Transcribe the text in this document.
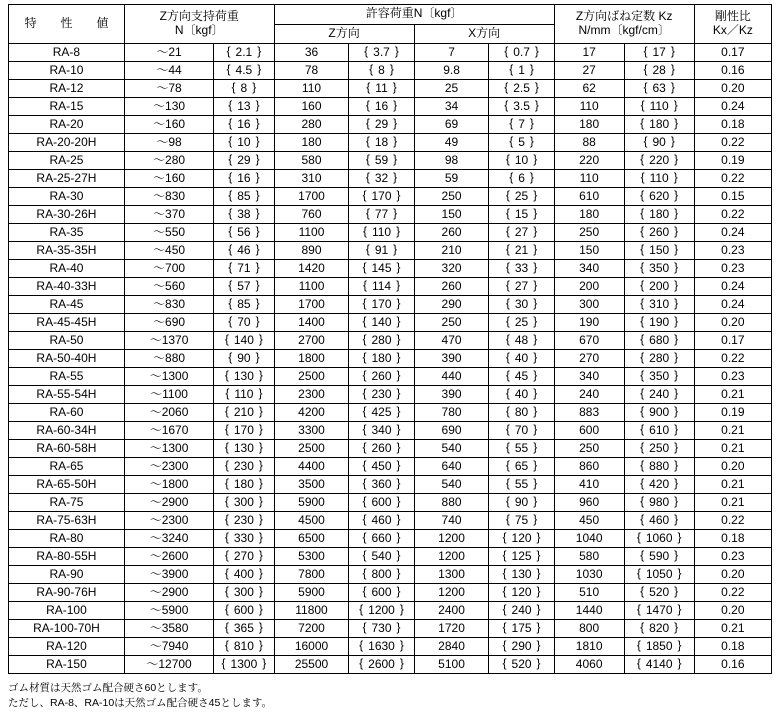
特　性　値	Z方向支持荷重
N〔kgf〕		許容荷重N〔kgf〕				Z方向ばね定数 Kz
N/mm〔kgf/cm〕		剛性比
Kx／Kz

			Z方向		X方向				
RA-8	〜21	{ 2.1 }	36	{ 3.7 }	7	{ 0.7 }	17	{ 17 }	0.17
RA-10	〜44	{ 4.5 }	78	{ 8 }	9.8	{ 1 }	27	{ 28 }	0.16
RA-12	〜78	{ 8 }	110	{ 11 }	25	{ 2.5 }	62	{ 63 }	0.20
RA-15	〜130	{ 13 }	160	{ 16 }	34	{ 3.5 }	110	{ 110 }	0.24
RA-20	〜160	{ 16 }	280	{ 29 }	69	{ 7 }	180	{ 180 }	0.18
RA-20-20H	〜98	{ 10 }	180	{ 18 }	49	{ 5 }	88	{ 90 }	0.22
RA-25	〜280	{ 29 }	580	{ 59 }	98	{ 10 }	220	{ 220 }	0.19
RA-25-27H	〜160	{ 16 }	310	{ 32 }	59	{ 6 }	110	{ 110 }	0.22
RA-30	〜830	{ 85 }	1700	{ 170 }	250	{ 25 }	610	{ 620 }	0.15
RA-30-26H	〜370	{ 38 }	760	{ 77 }	150	{ 15 }	180	{ 180 }	0.22
RA-35	〜550	{ 56 }	1100	{ 110 }	260	{ 27 }	250	{ 260 }	0.24
RA-35-35H	〜450	{ 46 }	890	{ 91 }	210	{ 21 }	150	{ 150 }	0.23
RA-40	〜700	{ 71 }	1420	{ 145 }	320	{ 33 }	340	{ 350 }	0.23
RA-40-33H	〜560	{ 57 }	1100	{ 114 }	260	{ 27 }	200	{ 200 }	0.24
RA-45	〜830	{ 85 }	1700	{ 170 }	290	{ 30 }	300	{ 310 }	0.24
RA-45-45H	〜690	{ 70 }	1400	{ 140 }	250	{ 25 }	190	{ 190 }	0.20
RA-50	〜1370	{ 140 }	2700	{ 280 }	470	{ 48 }	670	{ 680 }	0.17
RA-50-40H	〜880	{ 90 }	1800	{ 180 }	390	{ 40 }	270	{ 280 }	0.22
RA-55	〜1300	{ 130 }	2500	{ 260 }	440	{ 45 }	340	{ 350 }	0.23
RA-55-54H	〜1100	{ 110 }	2300	{ 230 }	390	{ 40 }	240	{ 240 }	0.21
RA-60	〜2060	{ 210 }	4200	{ 425 }	780	{ 80 }	883	{ 900 }	0.19
RA-60-34H	〜1670	{ 170 }	3300	{ 340 }	690	{ 70 }	600	{ 610 }	0.21
RA-60-58H	〜1300	{ 130 }	2500	{ 260 }	540	{ 55 }	250	{ 250 }	0.21
RA-65	〜2300	{ 230 }	4400	{ 450 }	640	{ 65 }	860	{ 880 }	0.20
RA-65-50H	〜1800	{ 180 }	3500	{ 360 }	540	{ 55 }	410	{ 420 }	0.21
RA-75	〜2900	{ 300 }	5900	{ 600 }	880	{ 90 }	960	{ 980 }	0.21
RA-75-63H	〜2300	{ 230 }	4500	{ 460 }	740	{ 75 }	450	{ 460 }	0.22
RA-80	〜3240	{ 330 }	6500	{ 660 }	1200	{ 120 }	1040	{ 1060 }	0.18
RA-80-55H	〜2600	{ 270 }	5300	{ 540 }	1200	{ 125 }	580	{ 590 }	0.23
RA-90	〜3900	{ 400 }	7800	{ 800 }	1300	{ 130 }	1030	{ 1050 }	0.20
RA-90-76H	〜2900	{ 300 }	5900	{ 600 }	1200	{ 120 }	510	{ 520 }	0.22
RA-100	〜5900	{ 600 }	11800	{ 1200 }	2400	{ 240 }	1440	{ 1470 }	0.20
RA-100-70H	〜3580	{ 365 }	7200	{ 730 }	1720	{ 175 }	800	{ 820 }	0.21
RA-120	〜7940	{ 810 }	16000	{ 1630 }	2840	{ 290 }	1810	{ 1850 }	0.18
RA-150	〜12700	{ 1300 }	25500	{ 2600 }	5100	{ 520 }	4060	{ 4140 }	0.16
ゴム材質は天然ゴム配合硬さ60とします。
ただし、RA-8、RA-10は天然ゴム配合硬さ45とします。
